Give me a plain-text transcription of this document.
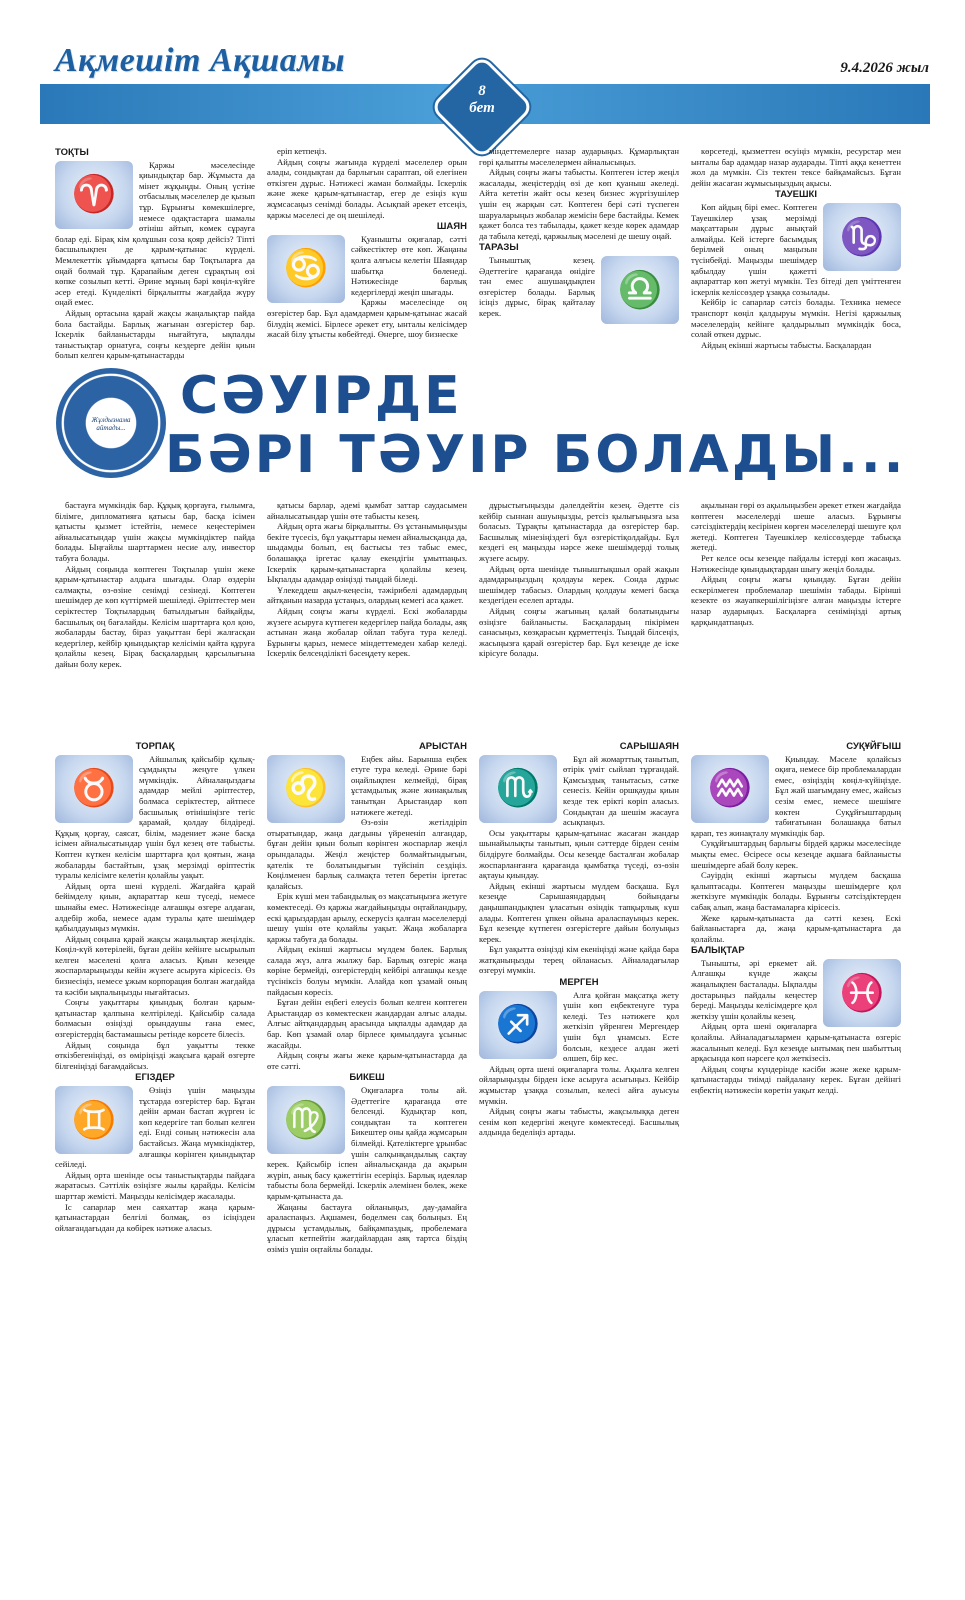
Ақмешіт Ақшамы	9.4.2026 жыл
8
бет
ТОҚТЫ
♈

Қаржы мәселесінде қиындықтар бар. Жұмыста да мінет жұқыңды. Оның үстіне отбасылық мәселелер де қызып тұр. Бұрынғы көмекшілерге, немесе одақтастарға шамалы өтініш айтып, көмек сұрауға болар еді. Бірақ кім қолұшын соза қояр дейсіз? Тіпті басшылықпен де қарым-қатынас күрделі. Мемлекеттік ұйымдарға қатысы бар Тоқтыларға да оңай болмай тұр. Қарапайым деген сұрақтың өзі көпке созылып кетті. Әрине мұның бәрі көңіл-күйге әсер етеді. Күнделікті бірқалыпты жағдайда жүру оңай емес.

Айдың ортасына қарай жақсы жаңалықтар пайда бола бастайды. Барлық жағынан өзгерістер бар. Іскерлік байланыстарды нығайтуға, ықпалды таныстықтар орнатуға, соңғы кездерге дейін қиын болып келген қарым-қатынастарды

еріп кетпеңіз.

Айдың соңғы жағында күрделі мәселелер орын алады, сондықтан да барлығын сараптап, ой елегінен өткізген дұрыс. Нәтижесі жаман болмайды. Іскерлік және жеке қарым-қатынастар, егер де езіңіз күш жұмсасаңыз сенімді болады. Асықпай әрекет етсеңіз, қаржы мәселесі де оң шешіледі.

ШАЯН
♋

Қуанышты оқиғалар, сәтті сәйкестіктер өте көп. Жаңаны қолға алғысы келетін Шаяндар шабытқа бөленеді. Нәтижесінде барлық кедергілерді жеңіп шығады.

Қаржы мәселесінде оң өзгерістер бар. Бұл адамдармен қарым-қатынас жасай білудің жемісі. Бірлесе әрекет ету, ынталы келісімдер жасай білу ұтысты көбейтеді. Өнерге, шоу бизнеске

міндеттемелерге назар аударыңыз. Құмарлықтан гөрі қалыпты мәселелермен айналысыңыз.

Айдың соңғы жағы табысты. Көптеген істер жеңіл жасалады, жеңістердің өзі де көп қуаныш әкеледі. Айта кететін жайт осы кезең бизнес жүргізушілер үшін ең жарқын сәт. Көптеген бері сәті түспеген шаруаларыңыз жобалар жемісін бере бастайды. Кемек қажет болса тез табылады, қажет кезде көрек адамдар да табыла кетеді, қаржылық мәселені де шешу оңай.

ТАРАЗЫ
♎

Тыныштық кезең. Әдеттегіге қарағанда өнідіге тән емес ашушаңдықпен өзгерістер болады. Барлық ісіңіз дұрыс, бірақ қайталау керек.

көрсетеді, қызметтен өсуіңіз мүмкін, ресурстар мен ынталы бар адамдар назар аударады. Тіпті аққа кенеттен жол да мүмкін. Сіз тектен тексе байқамайсыз. Бұған дейін жасаған жұмысыңыздың ақысы.

ТАУЕШКІ
♑

Көп айдың бірі емес. Көптеген Тауешкілер ұзақ мерзімді мақсаттарын дұрыс анықтай алмайды. Кей істерге басымдық берілмей оның маңызын түсінбейді. Маңызды шешімдер қабылдау үшін қажетті ақпараттар көп жетуі мүмкін. Тез бітеді деп үміттенген іскерлік келіссөздер ұзаққа созылады.

Кейбір іс сапарлар сәтсіз болады. Техника немесе транспорт көңіл қалдыруы мүмкін. Негізі қаржылық мәселелердің кейінге қалдырылып мүмкіндік боса, солай өткен дұрыс.

Айдың екінші жартысы табысты. Басқалардан

Жұлдызнама айтады...
СӘУІРДЕ
БӘРІ ТӘУІР БОЛАДЫ...

бастауға мүмкіндік бар. Құқық қорғауға, ғылымға, білімге, дипломатияға қатысы бар, басқа ісімен қатысты қызмет істейтін, немесе кеңестерімен айналысатындар үшін жақсы мүмкіндіктер пайда болады. Ыңғайлы шарттармен несие алу, инвестор табуға болады.

Айдың соңында көптеген Тоқтылар үшін жеке қарым-қатынастар алдыға шығады. Олар өздерін салмақты, өз-өзіне сенімді сезінеді. Көптеген шешімдер де көп күттірмей шешіледі. Әріптестер мен серіктестер Тоқтылардың батылдығын байқайды, басшылық оң бағалайды. Келісім шарттарға қол қою, жобаларды бастау, біраз уақыттан бері жалғасқан кедергілер, кейбір қиындықтар келісімін қайта құруға қолайлы кезең. Бірақ басқалардың қарсылығына дайын болу керек.

қатысы барлар, әдемі қымбат заттар саудасымен айналысатындар үшін өте табысты кезең.

Айдың орта жағы бірқалыпты. Өз ұстанымыңызды бекіте түсесіз, бұл уақыттары немен айналысқанда да, шыдамды болып, ең бастысы тез табыс емес, болашаққа іргетас қалау екендігін ұмытпаңыз. Іскерлік қарым-қатынастарға қолайлы кезең. Ықпалды адамдар өзіңізді тыңдай біледі.

Ұлекеддеш ақыл-кеңесін, тәжірибелі адамдардың айтқанын назарда ұстаңыз, олардың кемегі аса қажет.

Айдың соңғы жағы күрделі. Ескі жобаларды жүзеге асыруға күтпеген кедергілер пайда болады, аяқ астынан жаңа жобалар ойлап табуға тура келеді. Бұрынғы қарыз, немесе міндеттемеден хабар келеді. Іскерлік белсенділікті бәсеңдету керек.

дұрыстығыңызды дәлелдейтін кезең. Әдетте сіз кейбір сыннан ашуыңызды, ретсіз қылығыңызға ыза боласыз. Тұрақты қатынастарда да өзгерістер бар. Басшылық мінезіңіздегі бұл өзгерістіқолдайды. Бұл кездегі ең маңызды нәрсе жеке шешімдерді толық жүзеге асыру.

Айдың орта шенінде тыныштықшыл орай жақын адамдарыңыздың қолдауы керек. Сонда дұрыс шешімдер табасыз. Олардың қолдауы кемегі басқа кездегіден еселеп артады.

Айдың соңғы жағының қалай болатындығы өзіңізге байланысты. Басқалардың пікірімен санасыңыз, көзқарасын құрметтеңіз. Тыңдай білсеңіз, жасыңызға қарай өзгерістер бар. Бұл кезеңде де іске кірісуге болады.

ақылынан гөрі өз ақылыңызбен әрекет еткен жағдайда көптеген мәселелерді шеше аласыз. Бұрынғы сәтсіздіктердің кесірінен көрген мәселелерді шешуге қол жетеді. Көптеген Тауешкілер келіссөздерде табысқа жетеді.

Рет келсе осы кезеңде пайдалы істерді көп жасаңыз. Нәтижесінде қиындықтардан шығу жеңіл болады.

Айдың соңғы жағы қиындау. Бұған дейін ескерілмеген проблемалар шешімін табады. Бірінші кезекте өз жауапкершілігіңізге алған маңызды істерге назар аударыңыз. Басқаларға сеніміңізді артық қарқындатпаңыз.

ТОРПАҚ
♉

Айшылық қайсыбір құлық-сұмдықты жеңуге үлкен мүмкіндік. Айналаңыздағы адамдар мейлі әріптестер, болмаса серіктестер, айтпесе басшылық өтінішіңізге тегіс қарамай, қолдау білдіреді. Құқық қорғау, саясат, білім, мәдениет және басқа ісімен айналысатындар үшін бұл кезең өте табысты. Көптен күткен келісім шарттарға қол қоятын, жаңа жобаларды бастайтын, ұзақ мерзімді өріптестік туралы келісімге келетін қолайлы уақыт.

Айдың орта шені күрделі. Жағдайға қарай бейімделу қиын, ақпараттар кеш түседі, немесе шынайы емес. Нәтижесінде алғашқы өзгере алдаған, алдебір жоба, немесе адам туралы қате шешімдер қабылдауыңыз мүмкін.

Айдың соңына қарай жақсы жаңалықтар жеңілдік. Көңіл-күй көтерілейі, бұған дейін кейінге ысырылып келген мәселені қолға аласыз. Қиын кезеңде жоспарларыңызды кейін жүзеге асыруға кірісесіз. Өз бизнесіңіз, немесе ұжым корпорация болған жағдайда та кәсіби ықпалыңызды нығайтасыз.

Соңғы уақыттары қиындық болған қарым-қатынастар қалпына келтіріледі. Қайсыбір салада болмасын өзіңізді орындаушы ғана емес, өзгерістердің бастамашысы ретінде көрсете білесіз.

Айдың соңында бұл уақытты текке өткізбегеніңізді, өз өміріңізді жақсыға қарай өзгерте білгеніңізді бағамдайсыз.

ЕГІЗДЕР
♊

Өзіңіз үшін маңызды тұстарда өзгерістер бар. Бұған дейін арман бастап жүрген іс көп кедергіге тап болып келген еді. Енді соның нәтижесін ала бастайсыз. Жаңа мүмкіндіктер, алғашқы көрінген қиындықтар сейіледі.

Айдың орта шенінде осы таныстықтарды пайдаға жаратасыз. Сәттілік өзіңізге жылы қарайды. Келісім шарттар жемісті. Маңызды келісімдер жасалады.

Іс сапарлар мен саяхаттар жаңа қарым-қатынастардан белгілі болмақ, өз ісіңізден ойлағандағыдан да көбірек нәтиже аласыз.

АРЫСТАН
♌

Еңбек айы. Барынша еңбек етуге тура келеді. Әрине бәрі оңайлықпен келмейді, бірақ ұстамдылық және жинақылық танытқан Арыстандар көп нәтижеге жетеді.

Өз-өзін жетілдіріп отыратындар, жаңа дағдыны үйрененіп алғандар, бұған дейін қиын болып көрінген жоспарлар жеңіл орындалады. Жеңіл жеңістер болмайтындығын, қателік те болатындығын түйсініп сездіңіз. Көңілменен барлық салмақта тетеп беретін іргетас қалайсыз.

Ерік күші мен табандылық өз мақсатыңызға жетуге көмектеседі. Өз қаржы жағдайыңызды оңтайландыру, ескі қарыздардан арылу, ескерусіз қалған мәселелерді шешу үшін өте қолайлы уақыт. Жаңа жобаларға қаржы табуға да болады.

Айдың екінші жартысы мүлдем бөлек. Барлық салада жүз, алға жылжу бар. Барлық өзгеріс жаңа көріне бермейді, өзгерістердің кейбірі алғашқы кезде түсініксіз болуы мүмкін. Алайда көп ұзамай оның пайдасын көресіз.

Бұған дейін еңбегі елеусіз болып келген көптеген Арыстандар өз көмектескен жандардан алғыс алады. Алғыс айтқандардың арасында ықпалды адамдар да бар. Көп ұзамай олар бірлесе қимылдауға ұсыныс жасайды.

Айдың соңғы жағы жеке қарым-қатынастарда да өте сәтті.

БИКЕШ
♍

Оқиғаларға толы ай. Әдеттегіге қарағанда өте белсенді. Кудықтар көп, сондықтан та көптеген Бикештер оны қайда жұмсарын білмейді. Қателіктерге ұрынбас үшін салқынқандылық сақтау керек. Қайсыбір іспен айналысқанда да ақырын жүріп, анық басу қажеттігін есеріңіз. Барлық идеялар табысты бола бермейді. Іскерлік әлемінен бөлек, жеке қарым-қатынаста да.

Жаңаны бастауға ойланыңыз, дау-дамайға араласпаңыз. Ақшамен, бөделмен сақ болыңыз. Ең дұрысы ұстамдылық, байқампаздық, пробелемаға ұласып кетпейтін жағдайлардан аяқ тартса біздің өзіміз үшін оңтайлы болады.

САРЫШАЯН
♏

Бұл ай жомарттық танытып, өтірік үміт сыйлап тұрғандай. Қамсыздық танытасыз, сәтке сенесіз. Кейін оршқауды қиын кезде тек ерікті көріп аласыз. Сондықтан да шешім жасауға асықпаңыз.

Осы уақыттары қарым-қатынас жасаған жандар шынайылықты танытып, қиын сәттерде бірден сенім білдіруге болмайды. Осы кезеңде басталған жобалар жоспарланғанға қарағанда қымбатқа түседі, өз-өзін ақтауы қиындау.

Айдың екінші жартысы мүлдем басқаша. Бұл кезеңде Сарышаяндардың бойындағы даңышпандықпен ұласатын өзіндік тапқырлық күш алады. Көптеген ұпкен ойына араласпауыңыз керек. Бұл кезеңде күтпеген өзгерістерге дайын болуыңыз керек.

Бұл уақытта өзіңізді кім екеніңізді және қайда бара жатқаныңызды терең ойланасыз. Айналадағылар өзгеруі мүмкін.

МЕРГЕН
♐

Алға қойған мақсатқа жету үшін көп еңбектенуге тура келеді. Тез нәтижеге қол жеткізіп үйренген Мергендер үшін бұл ұнамсыз. Есте болсын, кездесе алдан жеті өлшеп, бір кес.

Айдың орта шені оқиғаларға толы. Ақылға келген ойларыңызды бірден іске асыруға асығыңыз. Кейбір жұмыстар ұзаққа созылып, келесі айға ауысуы мүмкін.

Айдың соңғы жағы табысты, жақсылыққа деген сенім көп кедергіні жеңуге көмектеседі. Басшылық алдында беделіңіз артады.

СУҚҰЙҒЫШ
♒

Қиындау. Мәселе қолайсыз оқиға, немесе бір проблемалардан емес, өзіңіздің көңіл-күйіңізде. Бұл жай шағымдану емес, жайсыз сезім емес, немесе шешімге көктен Суқұйғыштардың табиғатынан болашаққа батыл қарап, тез жинақталу мүмкіндік бар.

Суқұйғыштардың барлығы бірдей қаржы мәселесінде мықты емес. Өсіресе осы кезеңде ақшаға байланысты шешімдерге абай болу керек.

Сәуірдің екінші жартысы мүлдем басқаша қалыптасады. Көптеген маңызды шешімдерге қол жеткізуге мүмкіндік болады. Бұрынғы сәтсіздіктерден сабақ алып, жаңа бастамаларға кірісесіз.

Жеке қарым-қатынаста да сәтті кезең. Ескі байланыстарға да, жаңа қарым-қатынастарға да қолайлы.

БАЛЫҚТАР
♓

Тынышты, әрі еркемет ай. Алғашқы күнде жақсы жаңалықпен басталады. Ықпалды достарыңыз пайдалы кеңестер береді. Маңызды келісімдерге қол жеткізу үшін қолайлы кезең.

Айдың орта шені оқиғаларға қолайлы. Айналадағылармен қарым-қатынаста өзгеріс жасалынып келеді. Бұл кезеңде ынтымақ пен шабыттың арқасында көп нәрсеге қол жеткізесіз.

Айдың соңғы күндерінде кәсіби және жеке қарым-қатынастарды тиімді пайдалану керек. Бұған дейінгі еңбектің нәтижесін көретін уақыт келді.
